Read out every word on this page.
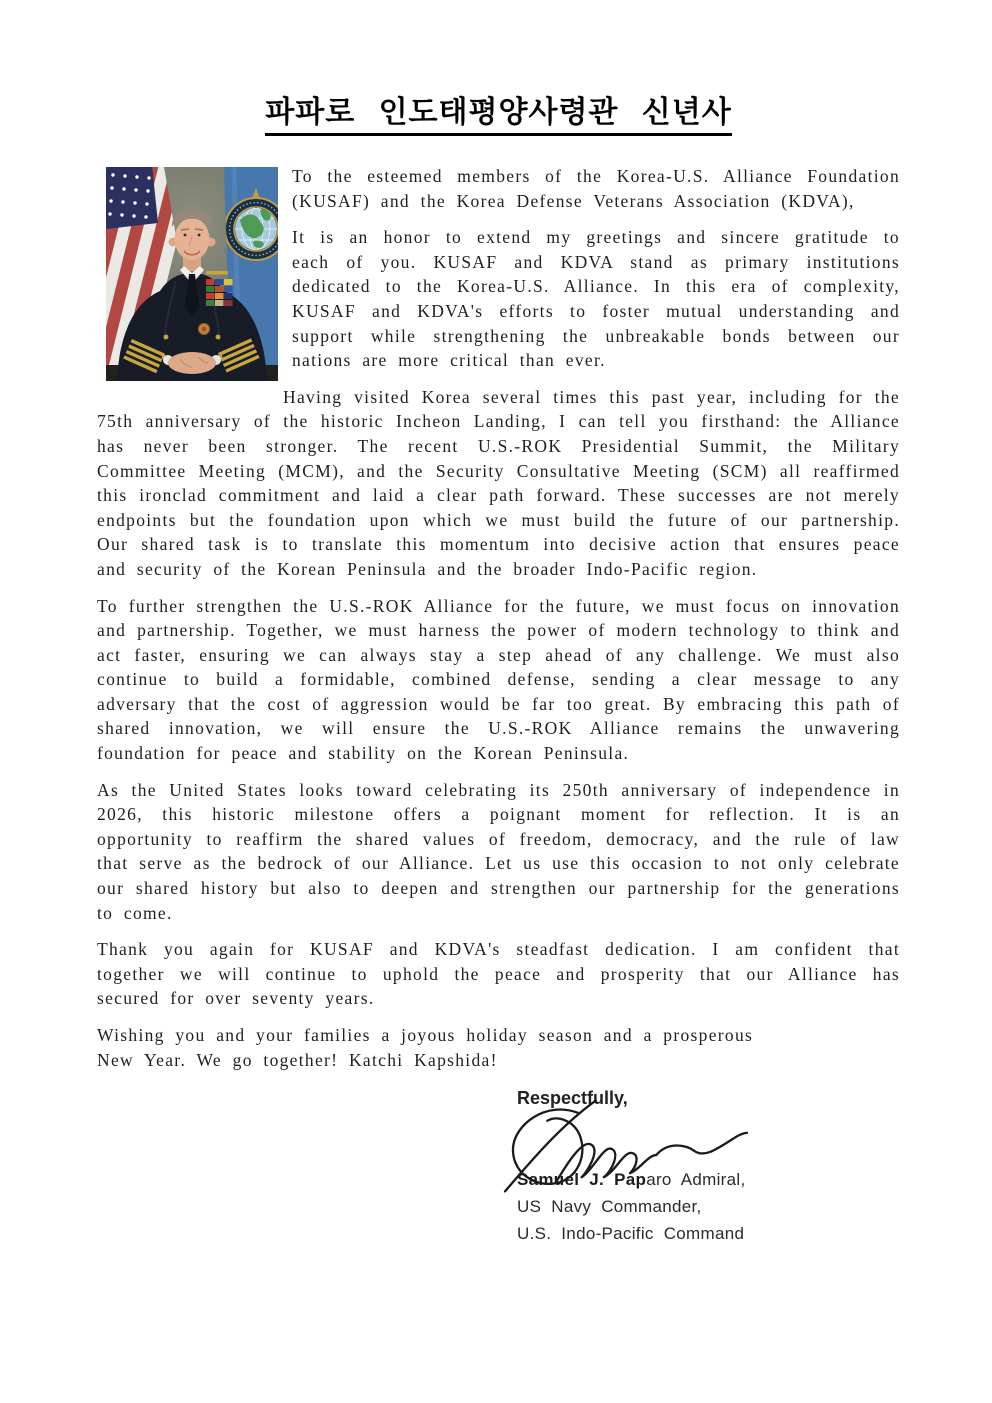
파파로 인도태평양사령관 신년사

To the esteemed members of the Korea-U.S. Alliance Foundation (KUSAF) and the Korea Defense Veterans Association (KDVA),

It is an honor to extend my greetings and sincere gratitude to each of you. KUSAF and KDVA stand as primary institutions dedicated to the Korea-U.S. Alliance. In this era of complexity, KUSAF and KDVA's efforts to foster mutual understanding and support while strengthening the unbreakable bonds between our nations are more critical than ever.

Having visited Korea several times this past year, including for the 75th anniversary of the historic Incheon Landing, I can tell you firsthand: the Alliance has never been stronger. The recent U.S.-ROK Presidential Summit, the Military Committee Meeting (MCM), and the Security Consultative Meeting (SCM) all reaffirmed this ironclad commitment and laid a clear path forward. These successes are not merely endpoints but the foundation upon which we must build the future of our partnership. Our shared task is to translate this momentum into decisive action that ensures peace and security of the Korean Peninsula and the broader Indo-Pacific region.

To further strengthen the U.S.-ROK Alliance for the future, we must focus on innovation and partnership. Together, we must harness the power of modern technology to think and act faster, ensuring we can always stay a step ahead of any challenge. We must also continue to build a formidable, combined defense, sending a clear message to any adversary that the cost of aggression would be far too great. By embracing this path of shared innovation, we will ensure the U.S.-ROK Alliance remains the unwavering foundation for peace and stability on the Korean Peninsula.

As the United States looks toward celebrating its 250th anniversary of independence in 2026, this historic milestone offers a poignant moment for reflection. It is an opportunity to reaffirm the shared values of freedom, democracy, and the rule of law that serve as the bedrock of our Alliance. Let us use this occasion to not only celebrate our shared history but also to deepen and strengthen our partnership for the generations to come.

Thank you again for KUSAF and KDVA's steadfast dedication. I am confident that together we will continue to uphold the peace and prosperity that our Alliance has secured for over seventy years.

Wishing you and your families a joyous holiday season and a prosperous
New Year. We go together! Katchi Kapshida!

Respectfully,
Samuel J. Paparo Admiral,
US Navy Commander,
U.S. Indo-Pacific Command
